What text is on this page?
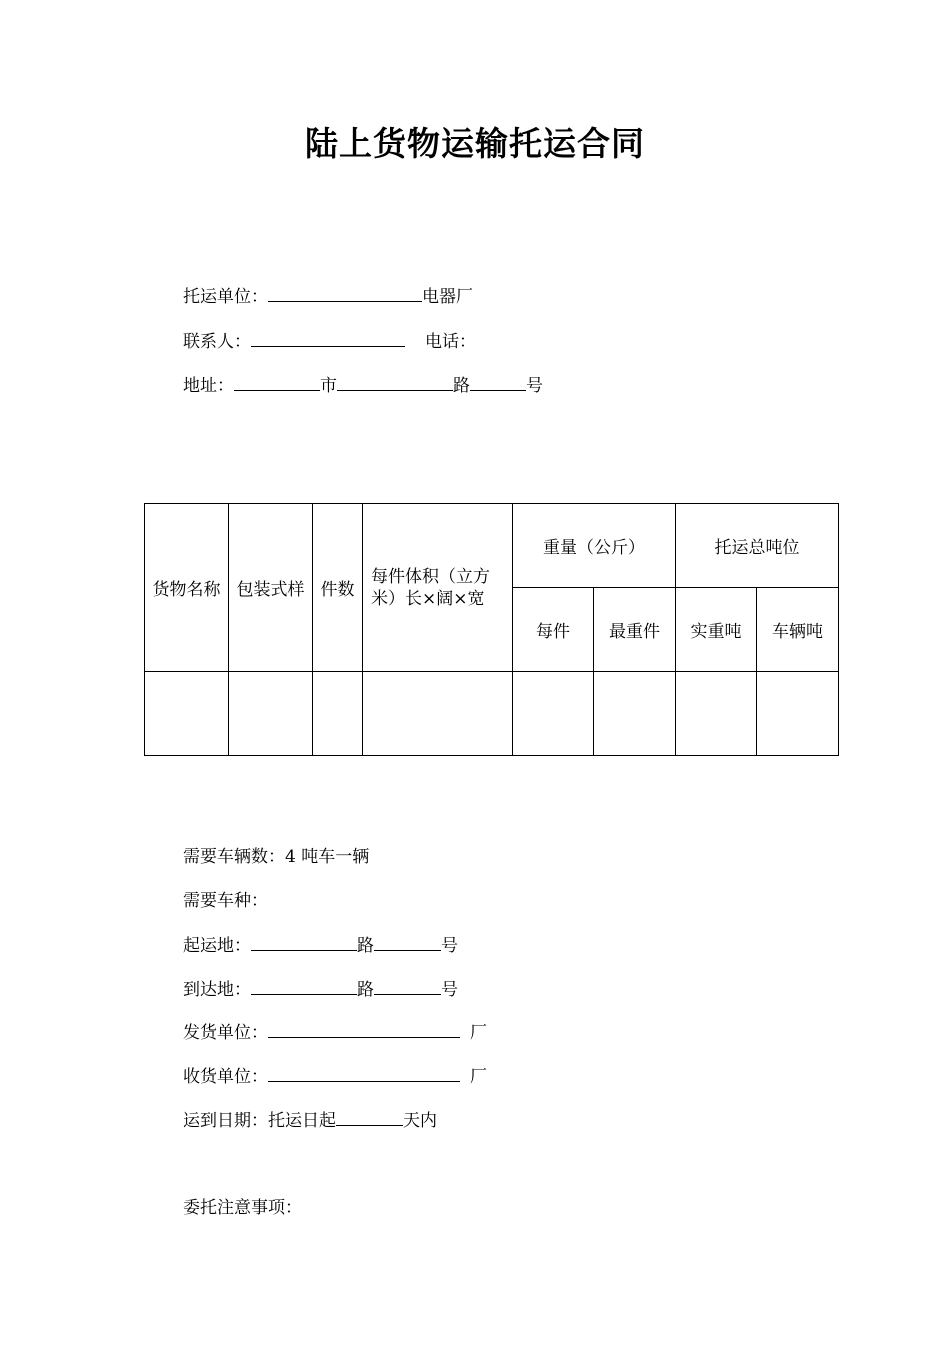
陆上货物运输托运合同
托运单位：	电器厂
联系人：	电话：
地址：	市	路	号
货物名称	包装式样	件数	每件体积（立方米）长×阔×宽	重量（公斤）		托运总吨位	
				每件	最重件	实重吨	车辆吨

需要车辆数：4 吨车一辆
需要车种：
起运地：	路	号
到达地：	路	号
发货单位：	厂
收货单位：	厂
运到日期：托运日起	天内
委托注意事项：
